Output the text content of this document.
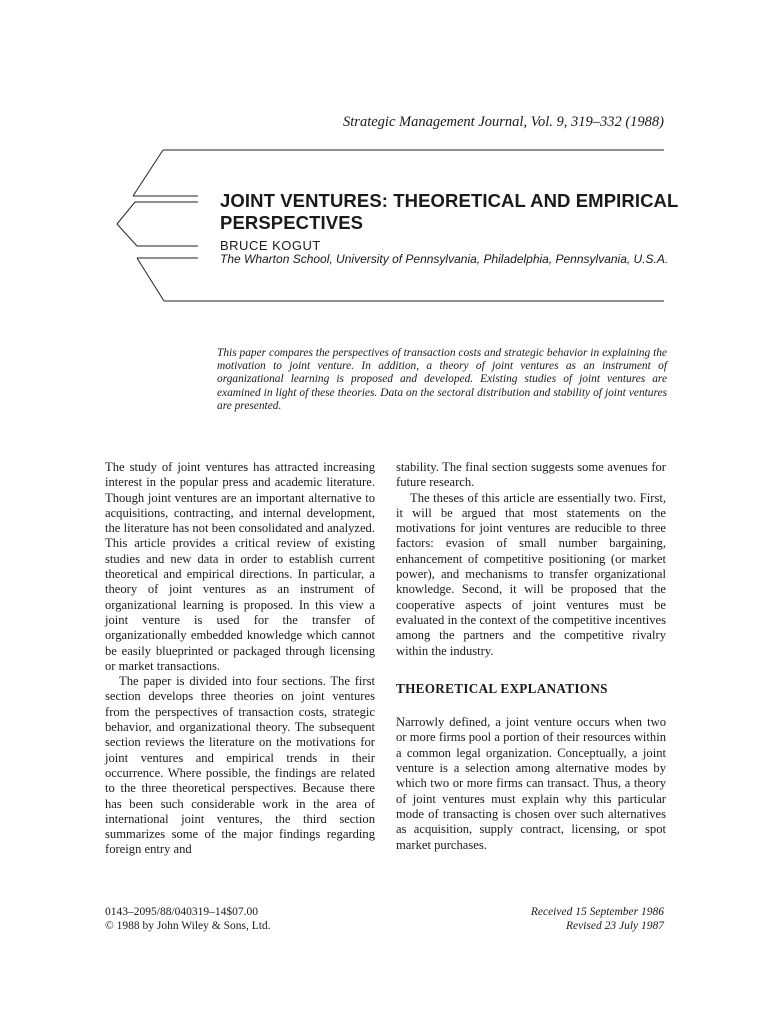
Strategic Management Journal, Vol. 9, 319–332 (1988)
JOINT VENTURES: THEORETICAL AND EMPIRICAL PERSPECTIVES
BRUCE KOGUT
The Wharton School, University of Pennsylvania, Philadelphia, Pennsylvania, U.S.A.

This paper compares the perspectives of transaction costs and strategic behavior in explaining the motivation to joint venture. In addition, a theory of joint ventures as an instrument of organizational learning is proposed and developed. Existing studies of joint ventures are examined in light of these theories. Data on the sectoral distribution and stability of joint ventures are presented.

The study of joint ventures has attracted increasing interest in the popular press and academic literature. Though joint ventures are an important alternative to acquisitions, contracting, and internal development, the literature has not been consolidated and analyzed. This article provides a critical review of existing studies and new data in order to establish current theoretical and empirical directions. In particular, a theory of joint ventures as an instrument of organizational learning is proposed. In this view a joint venture is used for the transfer of organizationally embedded knowledge which cannot be easily blueprinted or packaged through licensing or market transactions.

The paper is divided into four sections. The first section develops three theories on joint ventures from the perspectives of transaction costs, strategic behavior, and organizational theory. The subsequent section reviews the literature on the motivations for joint ventures and empirical trends in their occurrence. Where possible, the findings are related to the three theoretical perspectives. Because there has been such considerable work in the area of international joint ventures, the third section summarizes some of the major findings regarding foreign entry and

stability. The final section suggests some avenues for future research.

The theses of this article are essentially two. First, it will be argued that most statements on the motivations for joint ventures are reducible to three factors: evasion of small number bargaining, enhancement of competitive positioning (or market power), and mechanisms to transfer organizational knowledge. Second, it will be proposed that the cooperative aspects of joint ventures must be evaluated in the context of the competitive incentives among the partners and the competitive rivalry within the industry.

THEORETICAL EXPLANATIONS

Narrowly defined, a joint venture occurs when two or more firms pool a portion of their resources within a common legal organization. Conceptually, a joint venture is a selection among alternative modes by which two or more firms can transact. Thus, a theory of joint ventures must explain why this particular mode of transacting is chosen over such alternatives as acquisition, supply contract, licensing, or spot market purchases.

0143–2095/88/040319–14$07.00
© 1988 by John Wiley & Sons, Ltd.
Received 15 September 1986
Revised 23 July 1987
